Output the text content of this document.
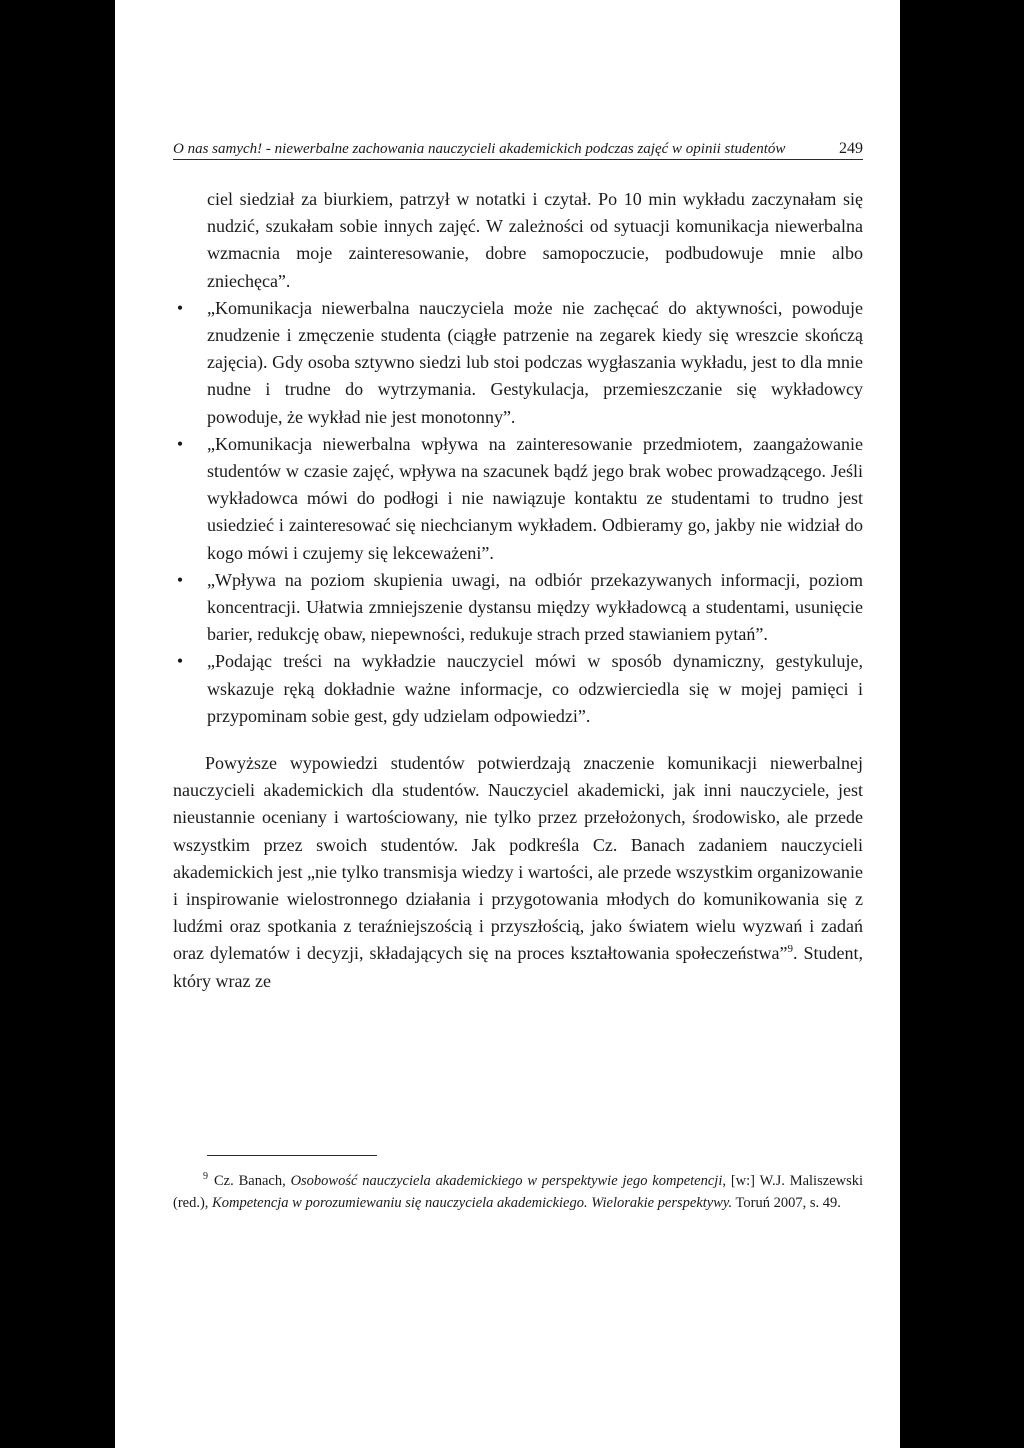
O nas samych! - niewerbalne zachowania nauczycieli akademickich podczas zajęć w opinii studentów	249

ciel siedział za biurkiem, patrzył w notatki i czytał. Po 10 min wykładu zaczynałam się nudzić, szukałam sobie innych zajęć. W zależności od sytuacji komunikacja niewerbalna wzmacnia moje zainteresowanie, dobre samopoczucie, podbudowuje mnie albo zniechęca”.

• „Komunikacja niewerbalna nauczyciela może nie zachęcać do aktywności, powoduje znudzenie i zmęczenie studenta (ciągłe patrzenie na zegarek kiedy się wreszcie skończą zajęcia). Gdy osoba sztywno siedzi lub stoi podczas wygłaszania wykładu, jest to dla mnie nudne i trudne do wytrzymania. Gestykulacja, przemieszczanie się wykładowcy powoduje, że wykład nie jest monotonny”.
• „Komunikacja niewerbalna wpływa na zainteresowanie przedmiotem, zaangażowanie studentów w czasie zajęć, wpływa na szacunek bądź jego brak wobec prowadzącego. Jeśli wykładowca mówi do podłogi i nie nawiązuje kontaktu ze studentami to trudno jest usiedzieć i zainteresować się niechcianym wykładem. Odbieramy go, jakby nie widział do kogo mówi i czujemy się lekceważeni”.
• „Wpływa na poziom skupienia uwagi, na odbiór przekazywanych informacji, poziom koncentracji. Ułatwia zmniejszenie dystansu między wykładowcą a studentami, usunięcie barier, redukcję obaw, niepewności, redukuje strach przed stawianiem pytań”.
• „Podając treści na wykładzie nauczyciel mówi w sposób dynamiczny, gestykuluje, wskazuje ręką dokładnie ważne informacje, co odzwierciedla się w mojej pamięci i przypominam sobie gest, gdy udzielam odpowiedzi”.

Powyższe wypowiedzi studentów potwierdzają znaczenie komunikacji niewerbalnej nauczycieli akademickich dla studentów. Nauczyciel akademicki, jak inni nauczyciele, jest nieustannie oceniany i wartościowany, nie tylko przez przełożonych, środowisko, ale przede wszystkim przez swoich studentów. Jak podkreśla Cz. Banach zadaniem nauczycieli akademickich jest „nie tylko transmisja wiedzy i wartości, ale przede wszystkim organizowanie i inspirowanie wielostronnego działania i przygotowania młodych do komunikowania się z ludźmi oraz spotkania z teraźniejszością i przyszłością, jako światem wielu wyzwań i zadań oraz dylematów i decyzji, składających się na proces kształtowania społeczeństwa”$^9$. Student, który wraz ze

$^9$ Cz. Banach, Osobowość nauczyciela akademickiego w perspektywie jego kompetencji, [w:] W.J. Maliszewski (red.), Kompetencja w porozumiewaniu się nauczyciela akademickiego. Wielorakie perspektywy. Toruń 2007, s. 49.
